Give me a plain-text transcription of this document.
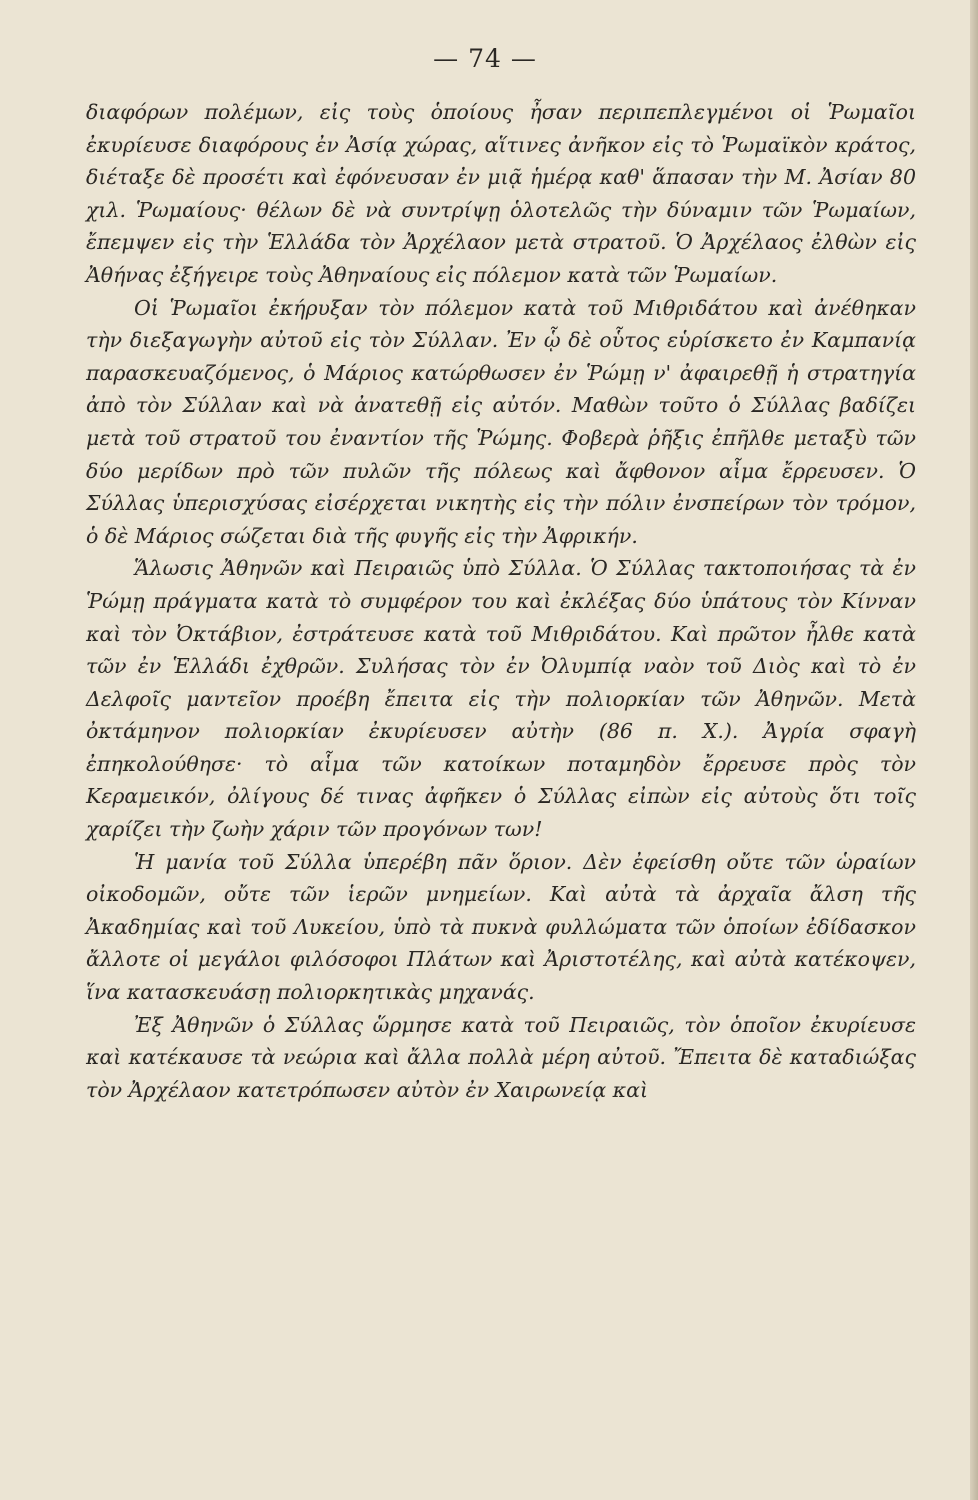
— 74 —

διαφόρων πολέμων, εἰς τοὺς ὁποίους ἦσαν περιπεπλεγμένοι οἱ Ῥωμαῖοι ἐκυρίευσε διαφόρους ἐν Ἀσίᾳ χώρας, αἵτινες ἀνῆκον εἰς τὸ Ῥωμαϊκὸν κράτος, διέταξε δὲ προσέτι καὶ ἐφόνευσαν ἐν μιᾷ ἡμέρᾳ καθ' ἅπασαν τὴν Μ. Ἀσίαν 80 χιλ. Ῥωμαίους· θέλων δὲ νὰ συντρίψῃ ὁλοτελῶς τὴν δύναμιν τῶν Ῥωμαίων, ἔπεμψεν εἰς τὴν Ἑλλάδα τὸν Ἀρχέλαον μετὰ στρατοῦ. Ὁ Ἀρχέλαος ἐλθὼν εἰς Ἀθήνας ἐξήγειρε τοὺς Ἀθηναίους εἰς πόλεμον κατὰ τῶν Ῥωμαίων.

Οἱ Ῥωμαῖοι ἐκήρυξαν τὸν πόλεμον κατὰ τοῦ Μιθριδάτου καὶ ἀνέθηκαν τὴν διεξαγωγὴν αὐτοῦ εἰς τὸν Σύλλαν. Ἐν ᾧ δὲ οὗτος εὑρίσκετο ἐν Καμπανίᾳ παρασκευαζόμενος, ὁ Μάριος κατώρθωσεν ἐν Ῥώμῃ ν' ἀφαιρεθῇ ἡ στρατηγία ἀπὸ τὸν Σύλλαν καὶ νὰ ἀνατεθῇ εἰς αὐτόν. Μαθὼν τοῦτο ὁ Σύλλας βαδίζει μετὰ τοῦ στρατοῦ του ἐναντίον τῆς Ῥώμης. Φοβερὰ ῥῆξις ἐπῆλθε μεταξὺ τῶν δύο μερίδων πρὸ τῶν πυλῶν τῆς πόλεως καὶ ἄφθονον αἷμα ἔρρευσεν. Ὁ Σύλλας ὑπερισχύσας εἰσέρχεται νικητὴς εἰς τὴν πόλιν ἐνσπείρων τὸν τρόμον, ὁ δὲ Μάριος σώζεται διὰ τῆς φυγῆς εἰς τὴν Ἀφρικήν.

Ἅλωσις Ἀθηνῶν καὶ Πειραιῶς ὑπὸ Σύλλα. Ὁ Σύλλας τακτοποιήσας τὰ ἐν Ῥώμῃ πράγματα κατὰ τὸ συμφέρον του καὶ ἐκλέξας δύο ὑπάτους τὸν Κίνναν καὶ τὸν Ὀκτάβιον, ἐστράτευσε κατὰ τοῦ Μιθριδάτου. Καὶ πρῶτον ἦλθε κατὰ τῶν ἐν Ἑλλάδι ἐχθρῶν. Συλήσας τὸν ἐν Ὀλυμπίᾳ ναὸν τοῦ Διὸς καὶ τὸ ἐν Δελφοῖς μαντεῖον προέβη ἔπειτα εἰς τὴν πολιορκίαν τῶν Ἀθηνῶν. Μετὰ ὀκτάμηνον πολιορκίαν ἐκυρίευσεν αὐτὴν (86 π. Χ.). Ἀγρία σφαγὴ ἐπηκολούθησε· τὸ αἷμα τῶν κατοίκων ποταμηδὸν ἔρρευσε πρὸς τὸν Κεραμεικόν, ὀλίγους δέ τινας ἀφῆκεν ὁ Σύλλας εἰπὼν εἰς αὐτοὺς ὅτι τοῖς χαρίζει τὴν ζωὴν χάριν τῶν προγόνων των!

Ἡ μανία τοῦ Σύλλα ὑπερέβη πᾶν ὅριον. Δὲν ἐφείσθη οὔτε τῶν ὡραίων οἰκοδομῶν, οὔτε τῶν ἱερῶν μνημείων. Καὶ αὐτὰ τὰ ἀρχαῖα ἄλση τῆς Ἀκαδημίας καὶ τοῦ Λυκείου, ὑπὸ τὰ πυκνὰ φυλλώματα τῶν ὁποίων ἐδίδασκον ἄλλοτε οἱ μεγάλοι φιλόσοφοι Πλάτων καὶ Ἀριστοτέλης, καὶ αὐτὰ κατέκοψεν, ἵνα κατασκευάσῃ πολιορκητικὰς μηχανάς.

Ἐξ Ἀθηνῶν ὁ Σύλλας ὥρμησε κατὰ τοῦ Πειραιῶς, τὸν ὁποῖον ἐκυρίευσε καὶ κατέκαυσε τὰ νεώρια καὶ ἄλλα πολλὰ μέρη αὐτοῦ. Ἔπειτα δὲ καταδιώξας τὸν Ἀρχέλαον κατετρόπωσεν αὐτὸν ἐν Χαιρωνείᾳ καὶ
